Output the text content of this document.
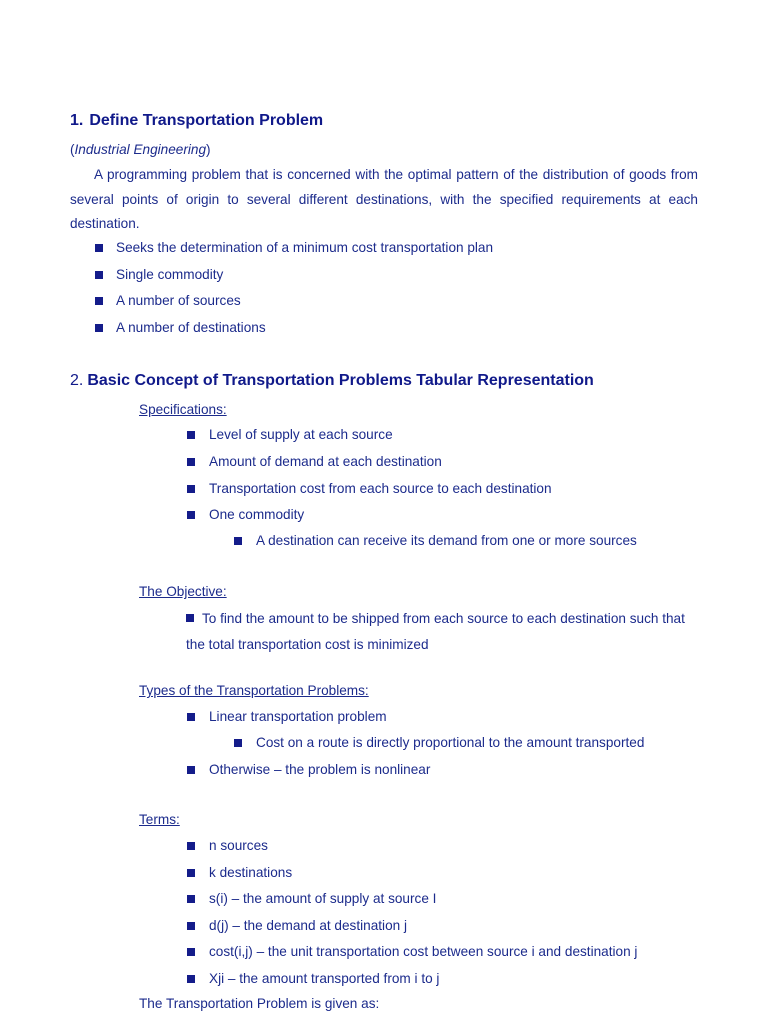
1. Define Transportation Problem
(Industrial Engineering)
A programming problem that is concerned with the optimal pattern of the distribution of goods from several points of origin to several different destinations, with the specified requirements at each destination.
Seeks the determination of a minimum cost transportation plan
Single commodity
A number of sources
A number of destinations
2. Basic Concept of Transportation Problems Tabular Representation
Specifications:
Level of supply at each source
Amount of demand at each destination
Transportation cost from each source to each destination
One commodity
A destination can receive its demand from one or more sources
The Objective:
To find the amount to be shipped from each source to each destination such that the total transportation cost is minimized
Types of the Transportation Problems:
Linear transportation problem
Cost on a route is directly proportional to the amount transported
Otherwise – the problem is nonlinear
Terms:
n sources
k destinations
s(i) – the amount of supply at source I
d(j) – the demand at destination j
cost(i,j) – the unit transportation cost between source i and destination j
Xji – the amount transported from i to j
The Transportation Problem is given as:
